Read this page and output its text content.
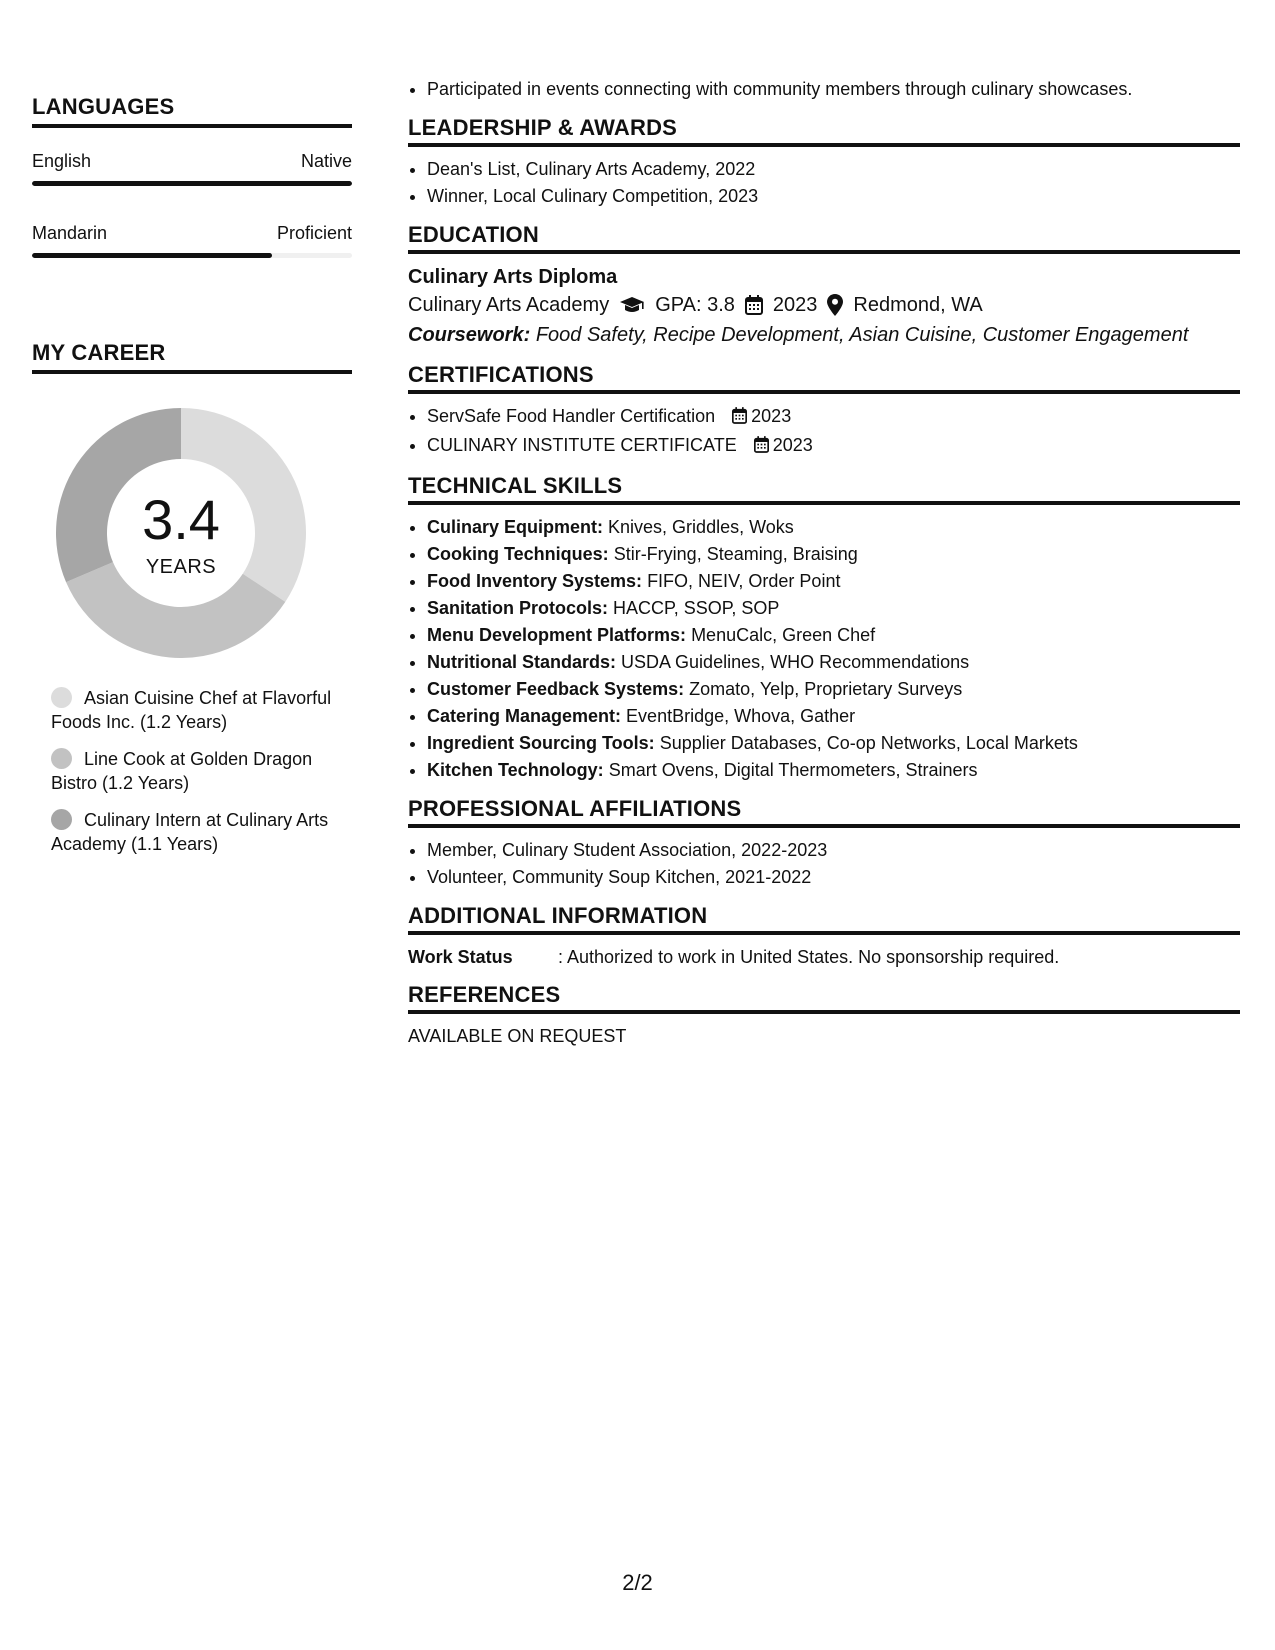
LANGUAGES
English	Native
Mandarin	Proficient
MY CAREER
3.4
YEARS
Asian Cuisine Chef at Flavorful Foods Inc. (1.2 Years)
Line Cook at Golden Dragon Bistro (1.2 Years)
Culinary Intern at Culinary Arts Academy (1.1 Years)
• Participated in events connecting with community members through culinary showcases.
LEADERSHIP & AWARDS
• Dean's List, Culinary Arts Academy, 2022
• Winner, Local Culinary Competition, 2023
EDUCATION
Culinary Arts Diploma
Culinary Arts Academy GPA: 3.8 2023 Redmond, WA
Coursework: Food Safety, Recipe Development, Asian Cuisine, Customer Engagement
CERTIFICATIONS
• ServSafe Food Handler Certification 2023
• CULINARY INSTITUTE CERTIFICATE 2023
TECHNICAL SKILLS
• Culinary Equipment: Knives, Griddles, Woks
• Cooking Techniques: Stir-Frying, Steaming, Braising
• Food Inventory Systems: FIFO, NEIV, Order Point
• Sanitation Protocols: HACCP, SSOP, SOP
• Menu Development Platforms: MenuCalc, Green Chef
• Nutritional Standards: USDA Guidelines, WHO Recommendations
• Customer Feedback Systems: Zomato, Yelp, Proprietary Surveys
• Catering Management: EventBridge, Whova, Gather
• Ingredient Sourcing Tools: Supplier Databases, Co-op Networks, Local Markets
• Kitchen Technology: Smart Ovens, Digital Thermometers, Strainers
PROFESSIONAL AFFILIATIONS
• Member, Culinary Student Association, 2022-2023
• Volunteer, Community Soup Kitchen, 2021-2022
ADDITIONAL INFORMATION
Work Status	: Authorized to work in United States. No sponsorship required.
REFERENCES
AVAILABLE ON REQUEST
2/2
